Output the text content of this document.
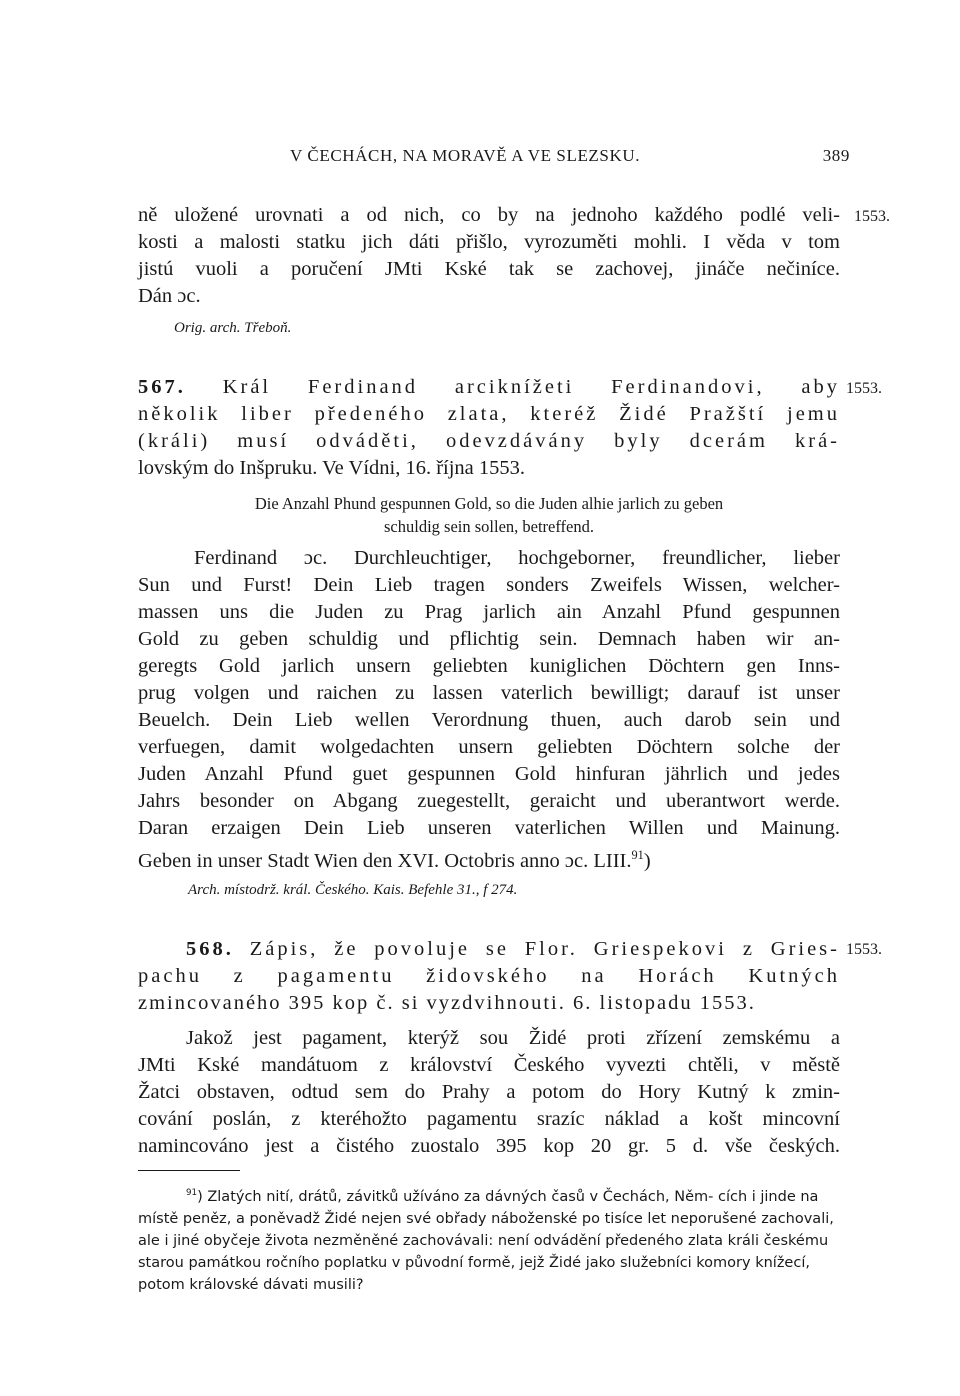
V ČECHÁCH, NA MORAVĚ A VE SLEZSKU.	389

ně uložené urovnati a od nich, co by na jednoho každého podlé veli-
kosti a malosti statku jich dáti přišlo, vyrozuměti mohli. I věda v tom
jistú vuoli a poručení JMti Kské tak se zachovej, jináče nečiníce.
Dán ɔc.

1553.

Orig. arch. Třeboň.

567. Král Ferdinand arciknížeti Ferdinandovi, aby
několik liber předeného zlata, kteréž Židé Pražští jemu
(králi) musí odváděti, odevzdávány byly dcerám krá-
lovským do Inšpruku. Ve Vídni, 16. října 1553.

1553.

Die Anzahl Phund gespunnen Gold, so die Juden alhie jarlich zu geben
schuldig sein sollen, betreffend.

Ferdinand ɔc. Durchleuchtiger, hochgeborner, freundlicher, lieber
Sun und Furst! Dein Lieb tragen sonders Zweifels Wissen, welcher-
massen uns die Juden zu Prag jarlich ain Anzahl Pfund gespunnen
Gold zu geben schuldig und pflichtig sein. Demnach haben wir an-
geregts Gold jarlich unsern geliebten kuniglichen Döchtern gen Inns-
prug volgen und raichen zu lassen vaterlich bewilligt; darauf ist unser
Beuelch. Dein Lieb wellen Verordnung thuen, auch darob sein und
verfuegen, damit wolgedachten unsern geliebten Döchtern solche der
Juden Anzahl Pfund guet gespunnen Gold hinfuran jährlich und jedes
Jahrs besonder on Abgang zuegestellt, geraicht und uberantwort werde.
Daran erzaigen Dein Lieb unseren vaterlichen Willen und Mainung.
Geben in unser Stadt Wien den XVI. Octobris anno ɔc. LIII.$^{91}$)

Arch. místodrž. král. Českého. Kais. Befehle 31., f 274.

568. Zápis, že povoluje se Flor. Griespekovi z Gries-
pachu z pagamentu židovského na Horách Kutných
zmincovaného 395 kop č. si vyzdvihnouti. 6. listopadu 1553.

1553.

Jakož jest pagament, kterýž sou Židé proti zřízení zemskému a
JMti Kské mandátuom z království Českého vyvezti chtěli, v městě
Žatci obstaven, odtud sem do Prahy a potom do Hory Kutný k zmin-
cování poslán, z kteréhožto pagamentu srazíc náklad a košt mincovní
namincováno jest a čistého zuostalo 395 kop 20 gr. 5 d. vše českých.

$^{91}$) Zlatých nití, drátů, závitků užíváno za dávných časů v Čechách, Něm- cích i jinde na místě peněz, a poněvadž Židé nejen své obřady náboženské po tisíce let neporušené zachovali, ale i jiné obyčeje života nezměněné zachovávali: není odvádění předeného zlata králi českému starou památkou ročního poplatku v původní formě, jejž Židé jako služebníci komory knížecí, potom královské dávati musili?
